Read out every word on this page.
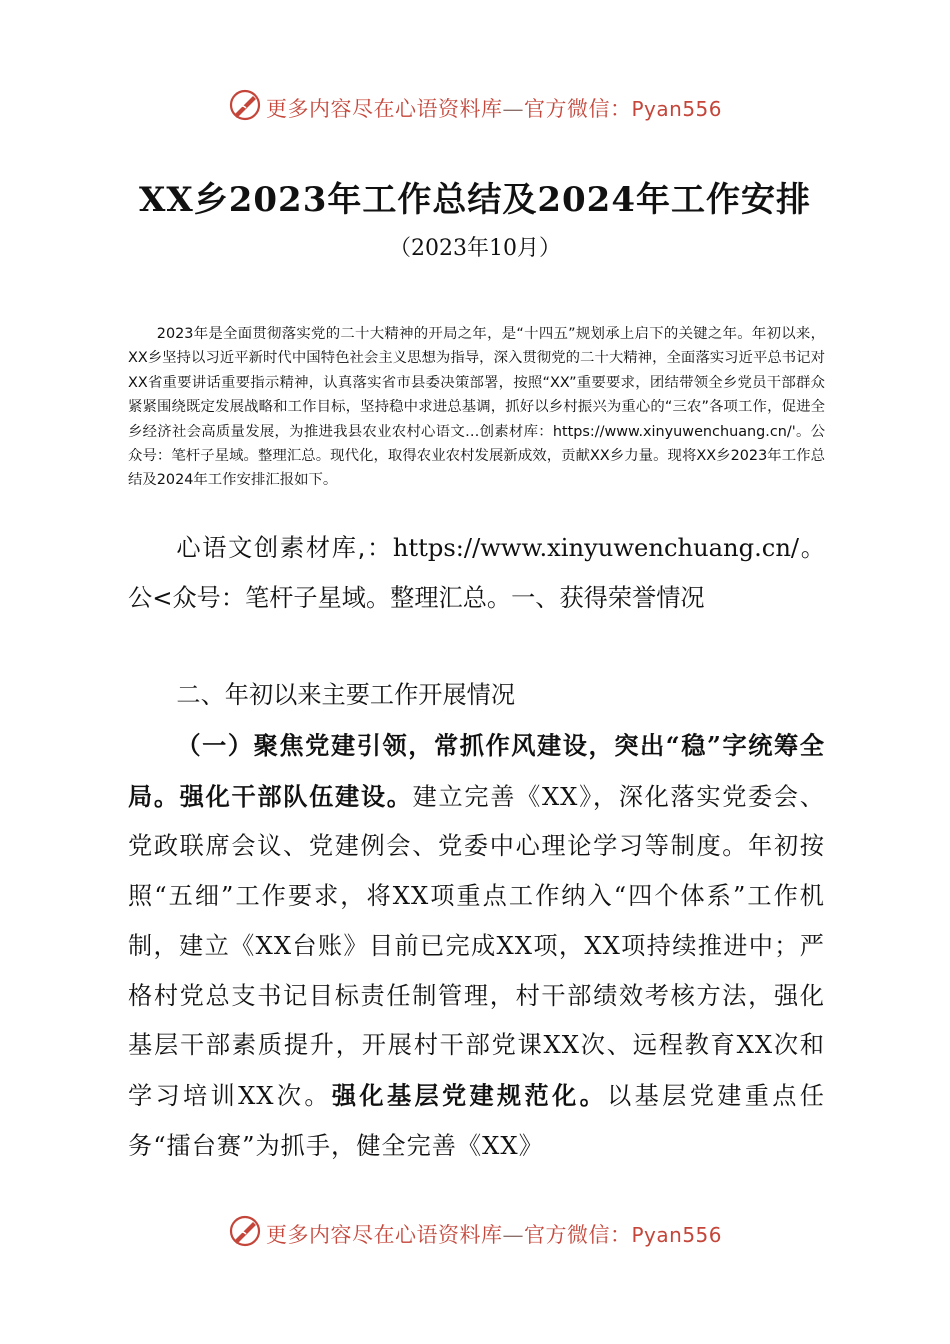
更多内容尽在心语资料库—官方微信：Pyan556
XX乡2023年工作总结及2024年工作安排
（2023年10月）

2023年是全面贯彻落实党的二十大精神的开局之年，是“十四五”规划承上启下的关键之年。年初以来，XX乡坚持以习近平新时代中国特色社会主义思想为指导，深入贯彻党的二十大精神，全面落实习近平总书记对XX省重要讲话重要指示精神，认真落实省市县委决策部署，按照“XX”重要要求，团结带领全乡党员干部群众紧紧围绕既定发展战略和工作目标，坚持稳中求进总基调，抓好以乡村振兴为重心的“三农”各项工作，促进全乡经济社会高质量发展，为推进我县农业农村心语文…创素材库：https://www.xinyuwenchuang.cn/'。公众号：笔杆子星域。整理汇总。现代化，取得农业农村发展新成效，贡献XX乡力量。现将XX乡2023年工作总结及2024年工作安排汇报如下。

心语文创素材库,：https://www.xinyuwenchuang.cn/。公<众号：笔杆子星域。整理汇总。一、获得荣誉情况

二、年初以来主要工作开展情况

（一）聚焦党建引领，常抓作风建设，突出“稳”字统筹全局。强化干部队伍建设。建立完善《XX》，深化落实党委会、党政联席会议、党建例会、党委中心理论学习等制度。年初按照“五细”工作要求，将XX项重点工作纳入“四个体系”工作机制，建立《XX台账》目前已完成XX项，XX项持续推进中；严格村党总支书记目标责任制管理，村干部绩效考核方法，强化基层干部素质提升，开展村干部党课XX次、远程教育XX次和学习培训XX次。强化基层党建规范化。以基层党建重点任务“擂台赛”为抓手，健全完善《XX》

更多内容尽在心语资料库—官方微信：Pyan556
